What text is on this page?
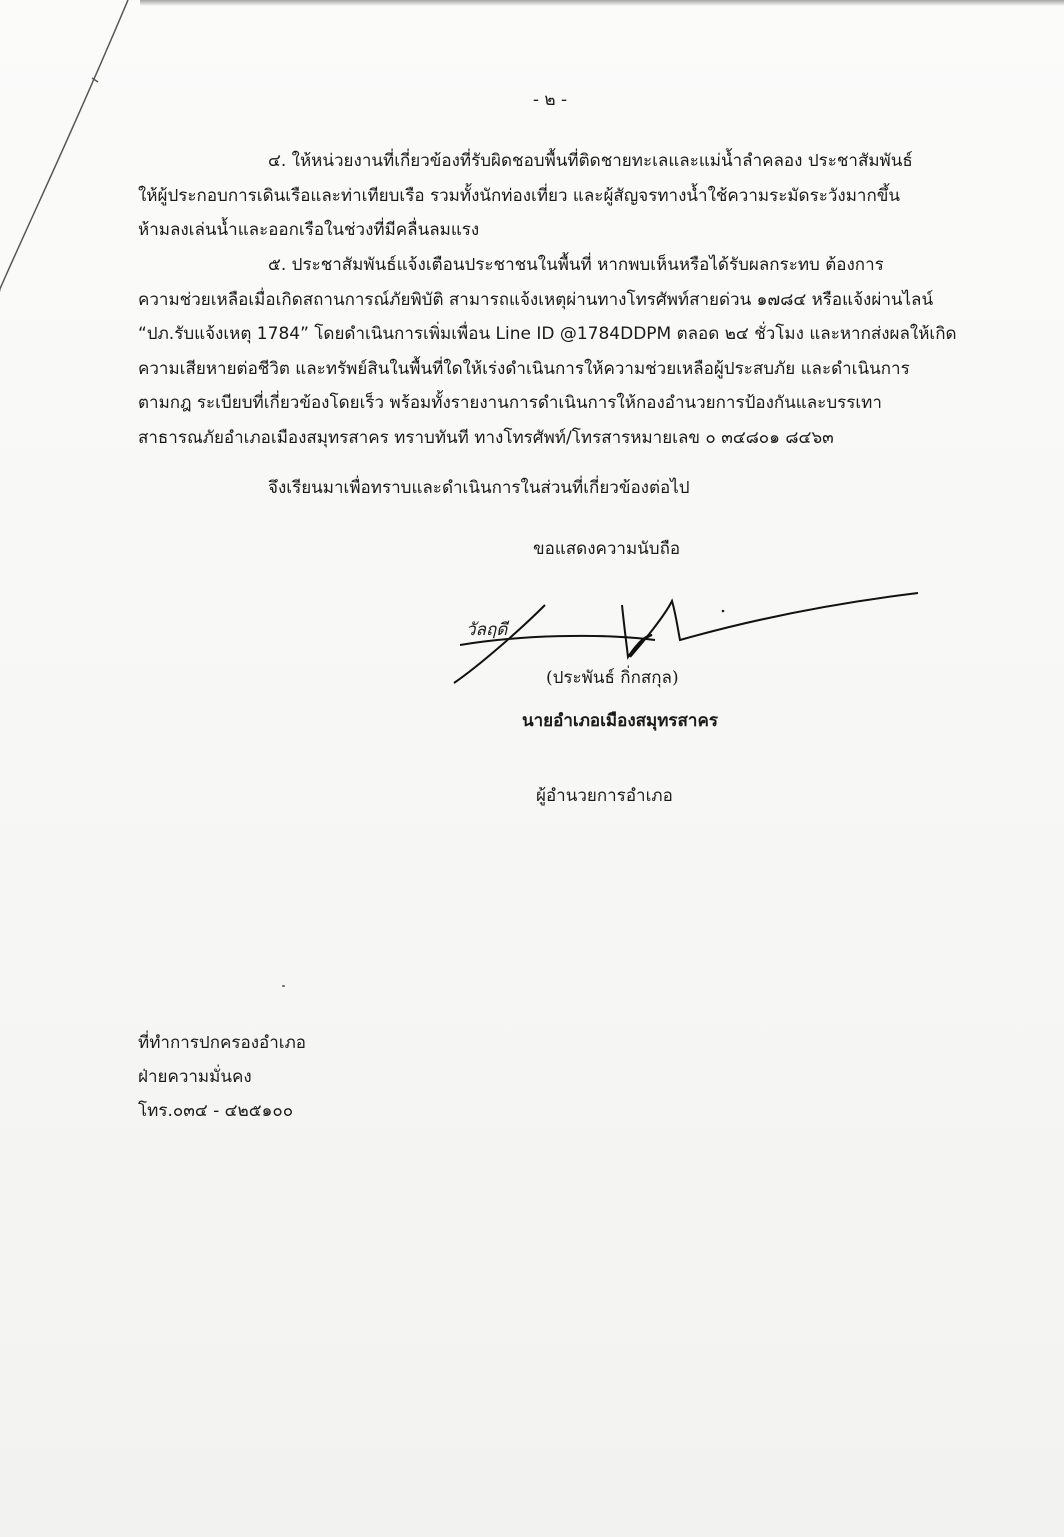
- ๒ -
๔. ให้หน่วยงานที่เกี่ยวข้องที่รับผิดชอบพื้นที่ติดชายทะเลและแม่น้ำลำคลอง ประชาสัมพันธ์
ให้ผู้ประกอบการเดินเรือและท่าเทียบเรือ รวมทั้งนักท่องเที่ยว และผู้สัญจรทางน้ำใช้ความระมัดระวังมากขึ้น
ห้ามลงเล่นน้ำและออกเรือในช่วงที่มีคลื่นลมแรง
๕. ประชาสัมพันธ์แจ้งเตือนประชาชนในพื้นที่ หากพบเห็นหรือได้รับผลกระทบ ต้องการ
ความช่วยเหลือเมื่อเกิดสถานการณ์ภัยพิบัติ สามารถแจ้งเหตุผ่านทางโทรศัพท์สายด่วน ๑๗๘๔ หรือแจ้งผ่านไลน์
“ปภ.รับแจ้งเหตุ 1784” โดยดำเนินการเพิ่มเพื่อน Line ID @1784DDPM ตลอด ๒๔ ชั่วโมง และหากส่งผลให้เกิด
ความเสียหายต่อชีวิต และทรัพย์สินในพื้นที่ใดให้เร่งดำเนินการให้ความช่วยเหลือผู้ประสบภัย และดำเนินการ
ตามกฎ ระเบียบที่เกี่ยวข้องโดยเร็ว พร้อมทั้งรายงานการดำเนินการให้กองอำนวยการป้องกันและบรรเทา
สาธารณภัยอำเภอเมืองสมุทรสาคร ทราบทันที ทางโทรศัพท์/โทรสารหมายเลข ๐ ๓๔๘๐๑ ๘๔๖๓
จึงเรียนมาเพื่อทราบและดำเนินการในส่วนที่เกี่ยวข้องต่อไป
ขอแสดงความนับถือ
วัลฤดี
(ประพันธ์ กิ่กสกุล)
นายอำเภอเมืองสมุทรสาคร
ผู้อำนวยการอำเภอ
ที่ทำการปกครองอำเภอ
ฝ่ายความมั่นคง
โทร.๐๓๔ - ๔๒๕๑๐๐
